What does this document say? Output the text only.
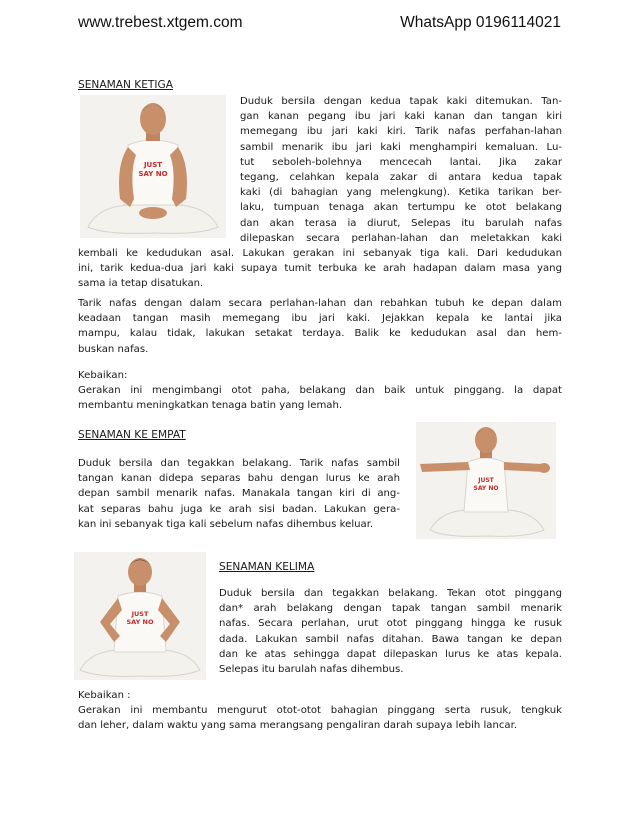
www.trebest.xtgem.com	WhatsApp 0196114021
JUST
SAY NO

SENAMAN KETIGA

Duduk bersila dengan kedua tapak kaki ditemukan. Tan-

gan kanan pegang ibu jari kaki kanan dan tangan kiri

memegang ibu jari kaki kiri. Tarik nafas perfahan-lahan

sambil menarik ibu jari kaki menghampiri kemaluan. Lu-

tut seboleh-bolehnya mencecah lantai. Jika zakar

tegang, celahkan kepala zakar di antara kedua tapak

kaki (di bahagian yang melengkung). Ketika tarikan ber-

laku, tumpuan tenaga akan tertumpu ke otot belakang

dan akan terasa ia diurut, Selepas itu barulah nafas

dilepaskan secara perlahan-lahan dan meletakkan kaki

kembali ke kedudukan asal. Lakukan gerakan ini sebanyak tiga kali. Dari kedudukan

ini, tarik kedua-dua jari kaki supaya tumit terbuka ke arah hadapan dalam masa yang

sama ia tetap disatukan.

Tarik nafas dengan dalam secara perlahan-lahan dan rebahkan tubuh ke depan dalam

keadaan tangan masih memegang ibu jari kaki. Jejakkan kepala ke lantai jika

mampu, kalau tidak, lakukan setakat terdaya. Balik ke kedudukan asal dan hem-

buskan nafas.

Kebaikan:

Gerakan ini mengimbangi otot paha, belakang dan baik untuk pinggang. la dapat

membantu meningkatkan tenaga batin yang lemah.

SENAMAN KE EMPAT

Duduk bersila dan tegakkan belakang. Tarik nafas sambil

tangan kanan didepa separas bahu dengan lurus ke arah

depan sambil menarik nafas. Manakala tangan kiri di ang-

kat separas bahu juga ke arah sisi badan. Lakukan gera-

kan ini sebanyak tiga kali sebelum nafas dihembus keluar.

SENAMAN KELIMA

Duduk bersila dan tegakkan belakang. Tekan otot pinggang

dan* arah belakang dengan tapak tangan sambil menarik

nafas. Secara perlahan, urut otot pinggang hingga ke rusuk

dada. Lakukan sambil nafas ditahan. Bawa tangan ke depan

dan ke atas sehingga dapat dilepaskan lurus ke atas kepala.

Selepas itu barulah nafas dihembus.

Kebaikan :

Gerakan ini membantu mengurut otot-otot bahagian pinggang serta rusuk, tengkuk

dan leher, dalam waktu yang sama merangsang pengaliran darah supaya lebih lancar.

JUST
SAY NO
JUST
SAY NO
